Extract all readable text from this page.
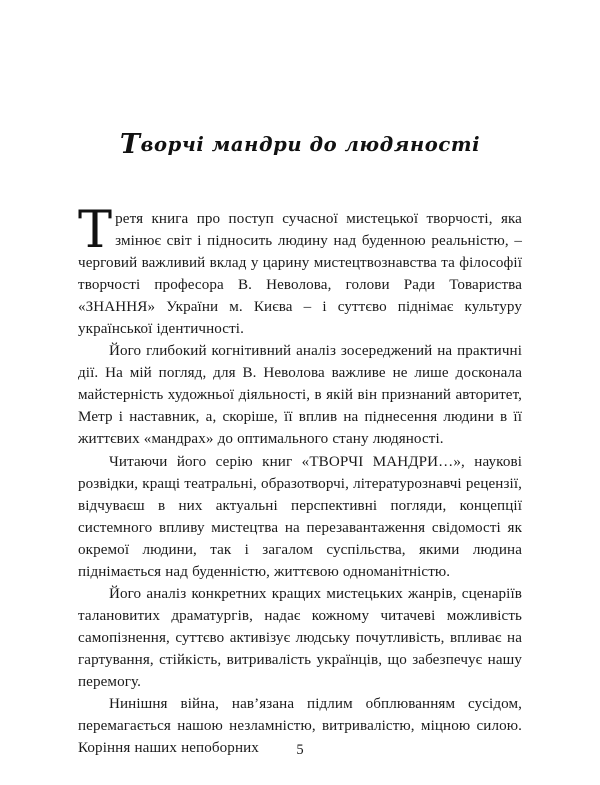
Творчі мандри до людяності

Третя книга про поступ сучасної мистецької творчості, яка змінює світ і підносить людину над буденною реальністю, – черговий важливий вклад у царину мистецтвознавства та філософії творчості професора В. Неволова, голови Ради Товариства «ЗНАННЯ» України м. Києва – і суттєво піднімає культуру української ідентичності.

Його глибокий когнітивний аналіз зосереджений на практичні дії. На мій погляд, для В. Неволова важливе не лише досконала майстерність художньої діяльності, в якій він признаний авторитет, Метр і наставник, а, скоріше, її вплив на піднесення людини в її життєвих «мандрах» до оптимального стану людяності.

Читаючи його серію книг «ТВОРЧІ МАНДРИ…», наукові розвідки, кращі театральні, образотворчі, літературознавчі рецензії, відчуваєш в них актуальні перспективні погляди, концепції системного впливу мистецтва на перезавантаження свідомості як окремої людини, так і загалом суспільства, якими людина піднімається над буденністю, життєвою одноманітністю.

Його аналіз конкретних кращих мистецьких жанрів, сценаріїв талановитих драматургів, надає кожному читачеві можливість самопізнення, суттєво активізує людську почутливість, впливає на гартування, стійкість, витривалість українців, що забезпечує нашу перемогу.

Нинішня війна, нав’язана підлим обплюванням сусідом, перемагається нашою незламністю, витривалістю, міцною силою. Коріння наших непоборних	5
